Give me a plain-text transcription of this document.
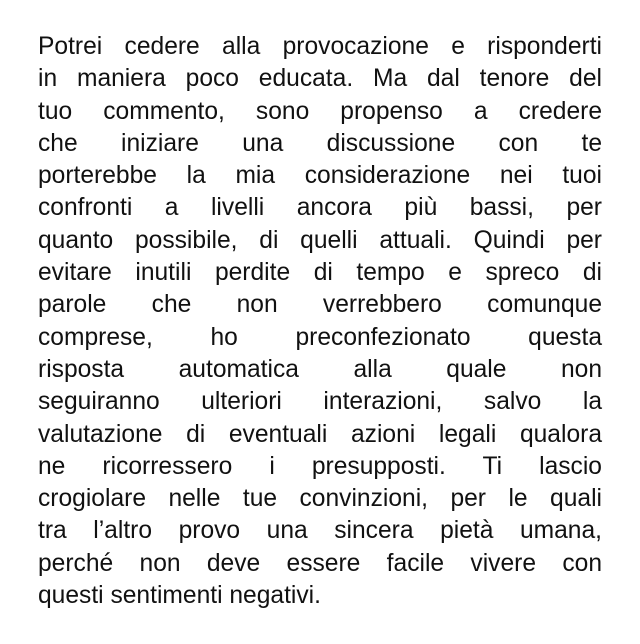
Potrei cedere alla provocazione e risponderti
in maniera poco educata. Ma dal tenore del
tuo commento, sono propenso a credere
che iniziare una discussione con te
porterebbe la mia considerazione nei tuoi
confronti a livelli ancora più bassi, per
quanto possibile, di quelli attuali. Quindi per
evitare inutili perdite di tempo e spreco di
parole che non verrebbero comunque
comprese, ho preconfezionato questa
risposta automatica alla quale non
seguiranno ulteriori interazioni, salvo la
valutazione di eventuali azioni legali qualora
ne ricorressero i presupposti. Ti lascio
crogiolare nelle tue convinzioni, per le quali
tra l’altro provo una sincera pietà umana,
perché non deve essere facile vivere con
questi sentimenti negativi.
